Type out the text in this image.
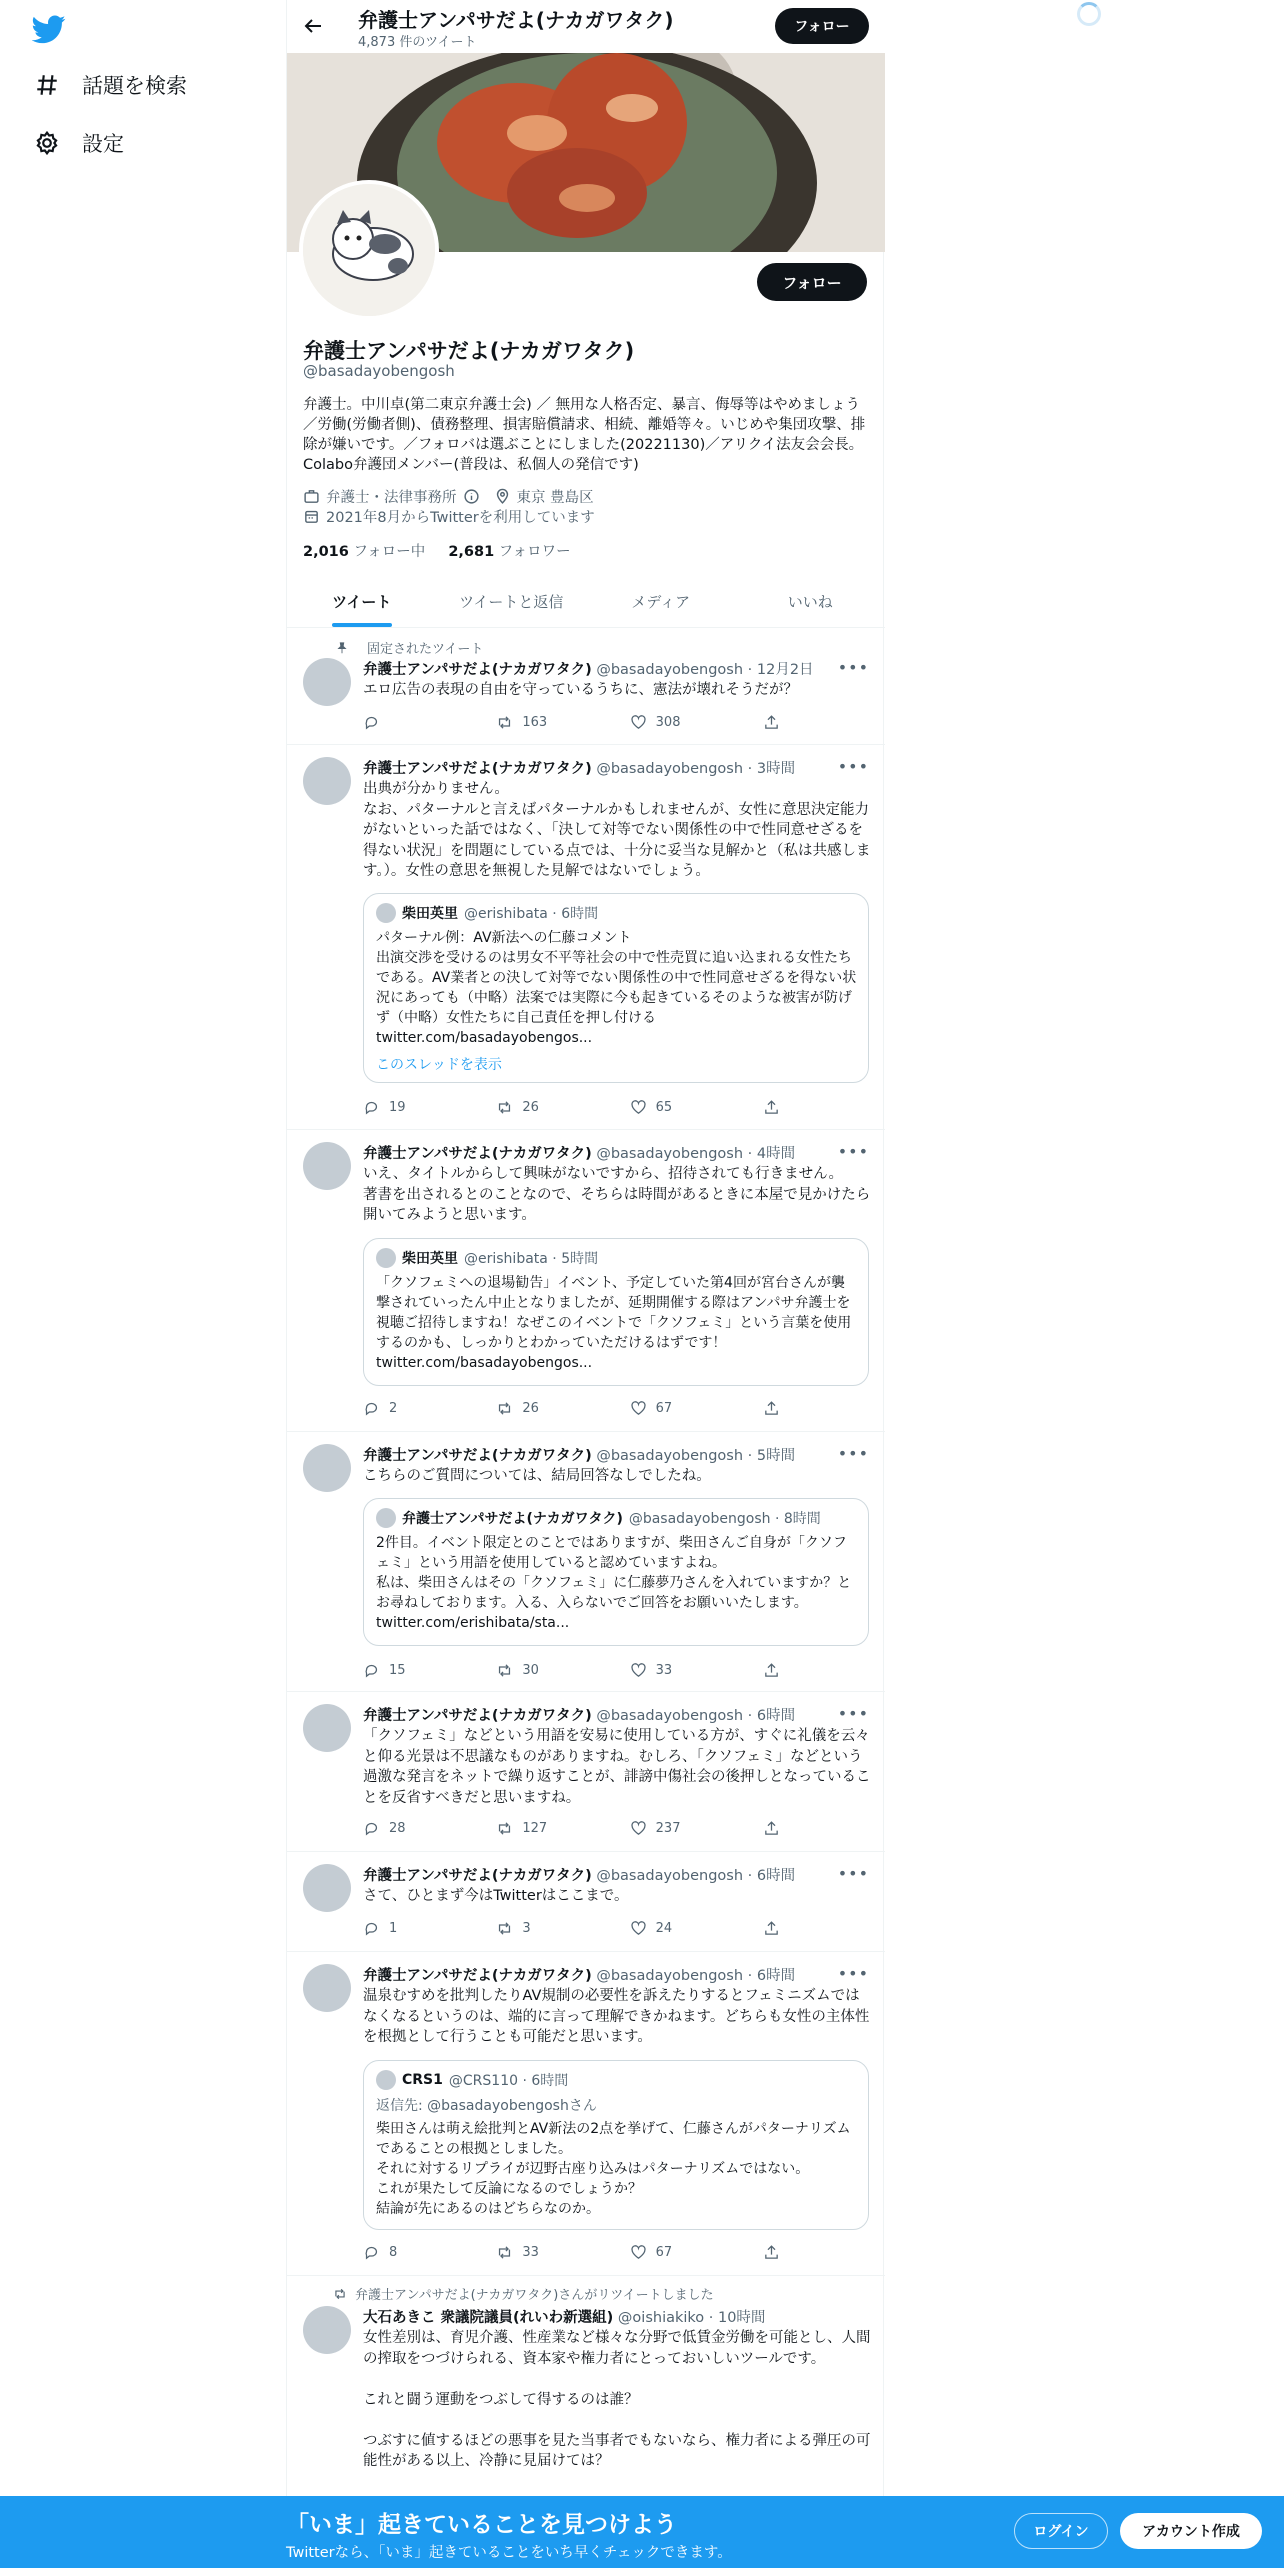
話題を検索
設定
弁護士アンパサだよ(ナカガワタク)
4,873 件のツイート
フォロー
フォロー
弁護士アンパサだよ(ナカガワタク)
@basadayobengosh
弁護士。中川卓(第二東京弁護士会) ／ 無用な人格否定、暴言、侮辱等はやめましょう／労働(労働者側)、債務整理、損害賠償請求、相続、離婚等々。いじめや集団攻撃、排除が嫌いです。／フォロバは選ぶことにしました(20221130)／アリクイ法友会会長。Colabo弁護団メンバー(普段は、私個人の発信です)
弁護士・法律事務所	東京 豊島区
2021年8月からTwitterを利用しています
2,016 フォロー中 2,681 フォロワー
ツイート	ツイートと返信	メディア	いいね
固定されたツイート
弁護士アンパサだよ(ナカガワタク) @basadayobengosh · 12月2日 •••
エロ広告の表現の自由を守っているうちに、憲法が壊れそうだが？
163	308
弁護士アンパサだよ(ナカガワタク) @basadayobengosh · 3時間	•••
出典が分かりません。
なお、パターナルと言えばパターナルかもしれませんが、女性に意思決定能力がないといった話ではなく、「決して対等でない関係性の中で性同意せざるを得ない状況」を問題にしている点では、十分に妥当な見解かと（私は共感します。）。女性の意思を無視した見解ではないでしょう。
柴田英里 @erishibata · 6時間
パターナル例：AV新法への仁藤コメント
出演交渉を受けるのは男女不平等社会の中で性売買に追い込まれる女性たちである。AV業者との決して対等でない関係性の中で性同意せざるを得ない状況にあっても（中略）法案では実際に今も起きているそのような被害が防げず（中略）女性たちに自己責任を押し付ける
twitter.com/basadayobengos...
このスレッドを表示
19	26	65
弁護士アンパサだよ(ナカガワタク) @basadayobengosh · 4時間	•••
いえ、タイトルからして興味がないですから、招待されても行きません。
著書を出されるとのことなので、そちらは時間があるときに本屋で見かけたら開いてみようと思います。
柴田英里 @erishibata · 5時間
「クソフェミへの退場勧告」イベント、予定していた第4回が宮台さんが襲撃されていったん中止となりましたが、延期開催する際はアンパサ弁護士を視聴ご招待しますね！なぜこのイベントで「クソフェミ」という言葉を使用するのかも、しっかりとわかっていただけるはずです！
twitter.com/basadayobengos...
2	26	67
弁護士アンパサだよ(ナカガワタク) @basadayobengosh · 5時間	•••
こちらのご質問については、結局回答なしでしたね。
弁護士アンパサだよ(ナカガワタク) @basadayobengosh · 8時間
2件目。イベント限定とのことではありますが、柴田さんご自身が「クソフェミ」という用語を使用していると認めていますよね。
私は、柴田さんはその「クソフェミ」に仁藤夢乃さんを入れていますか？とお尋ねしております。入る、入らないでご回答をお願いいたします。 twitter.com/erishibata/sta...
15	30	33
弁護士アンパサだよ(ナカガワタク) @basadayobengosh · 6時間	•••
「クソフェミ」などという用語を安易に使用している方が、すぐに礼儀を云々と仰る光景は不思議なものがありますね。むしろ、「クソフェミ」などという過激な発言をネットで繰り返すことが、誹謗中傷社会の後押しとなっていることを反省すべきだと思いますね。
28	127	237
弁護士アンパサだよ(ナカガワタク) @basadayobengosh · 6時間	•••
さて、ひとまず今はTwitterはここまで。
1	3	24
弁護士アンパサだよ(ナカガワタク) @basadayobengosh · 6時間	•••
温泉むすめを批判したりAV規制の必要性を訴えたりするとフェミニズムではなくなるというのは、端的に言って理解できかねます。どちらも女性の主体性を根拠として行うことも可能だと思います。
CRS1 @CRS110 · 6時間
返信先: @basadayobengoshさん
柴田さんは萌え絵批判とAV新法の2点を挙げて、仁藤さんがパターナリズムであることの根拠としました。
それに対するリプライが辺野古座り込みはパターナリズムではない。
これが果たして反論になるのでしょうか？
結論が先にあるのはどちらなのか。
8	33	67
弁護士アンパサだよ(ナカガワタク)さんがリツイートしました
大石あきこ 衆議院議員(れいわ新選組) @oishiakiko · 10時間
女性差別は、育児介護、性産業など様々な分野で低賃金労働を可能とし、人間の搾取をつづけられる、資本家や権力者にとっておいしいツールです。

これと闘う運動をつぶして得するのは誰？

つぶすに値するほどの悪事を見た当事者でもないなら、権力者による弾圧の可能性がある以上、冷静に見届けては？
「いま」起きていることを見つけよう
Twitterなら、「いま」起きていることをいち早くチェックできます。
ログイン	アカウント作成
